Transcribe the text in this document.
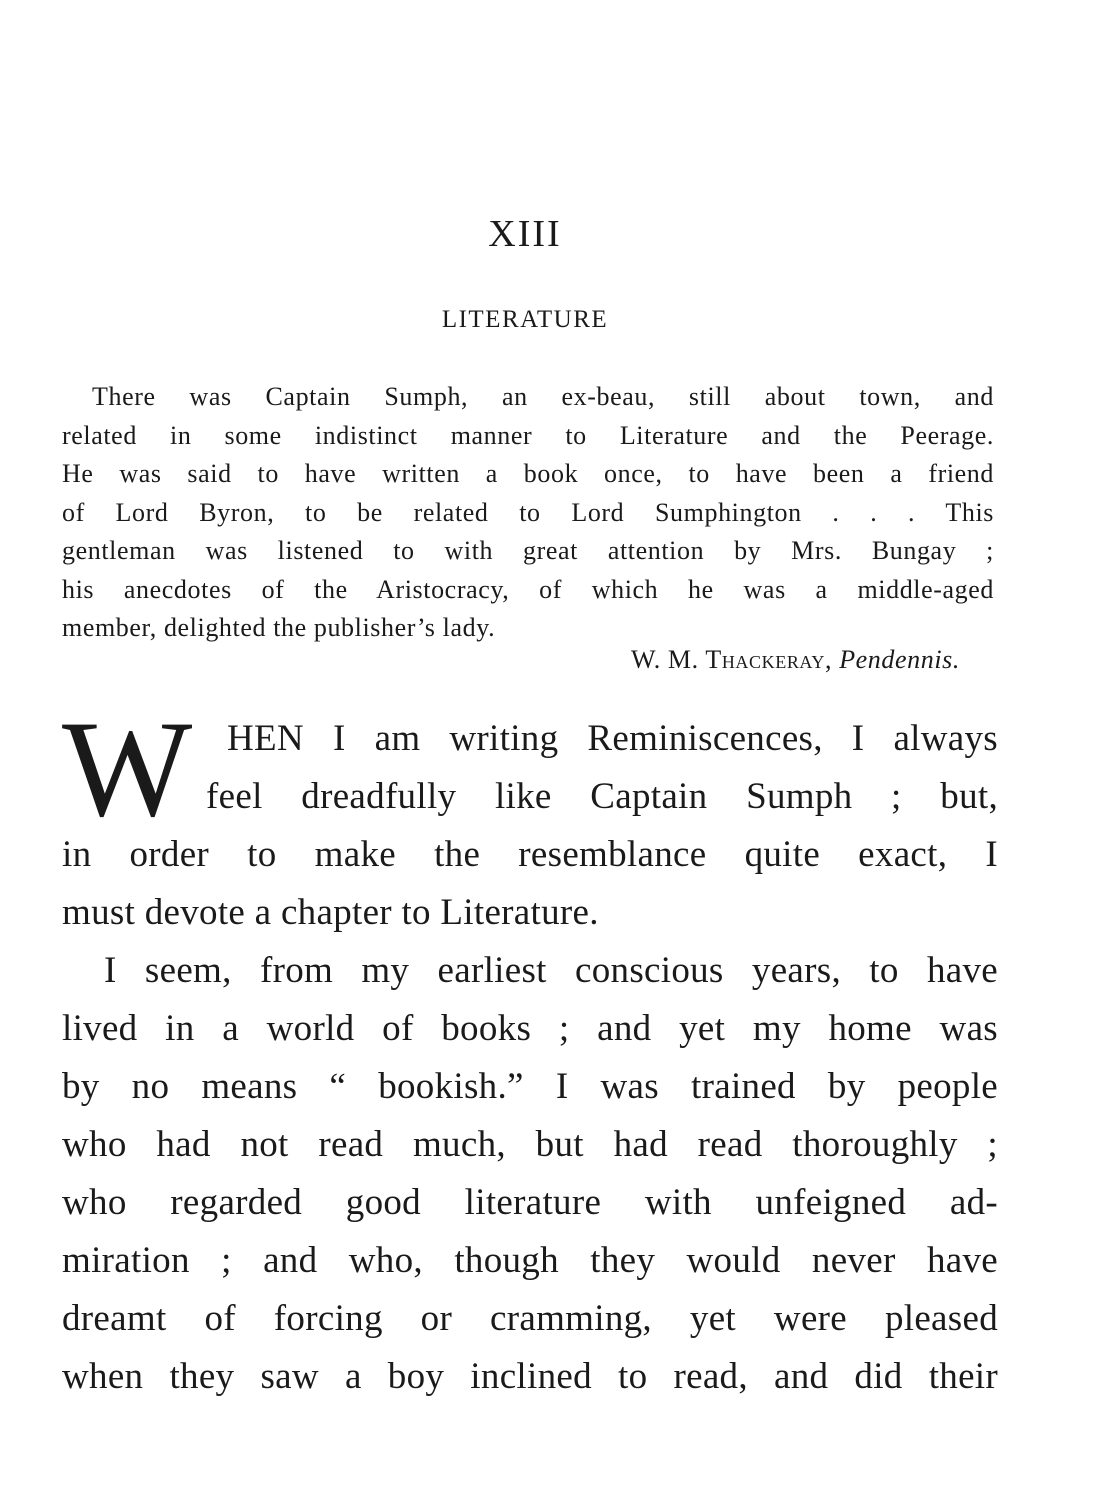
XIII
LITERATURE
There was Captain Sumph, an ex-beau, still about town, and
related in some indistinct manner to Literature and the Peerage.
He was said to have written a book once, to have been a friend
of Lord Byron, to be related to Lord Sumphington . . . This
gentleman was listened to with great attention by Mrs. Bungay ;
his anecdotes of the Aristocracy, of which he was a middle-aged
member, delighted the publisher’s lady.
W. M. Thackeray, Pendennis.
W HEN I am writing Reminiscences, I always
feel dreadfully like Captain Sumph ; but,
in order to make the resemblance quite exact, I
must devote a chapter to Literature.
I seem, from my earliest conscious years, to have
lived in a world of books ; and yet my home was
by no means “ bookish.” I was trained by people
who had not read much, but had read thoroughly ;
who regarded good literature with unfeigned ad-
miration ; and who, though they would never have
dreamt of forcing or cramming, yet were pleased
when they saw a boy inclined to read, and did their
